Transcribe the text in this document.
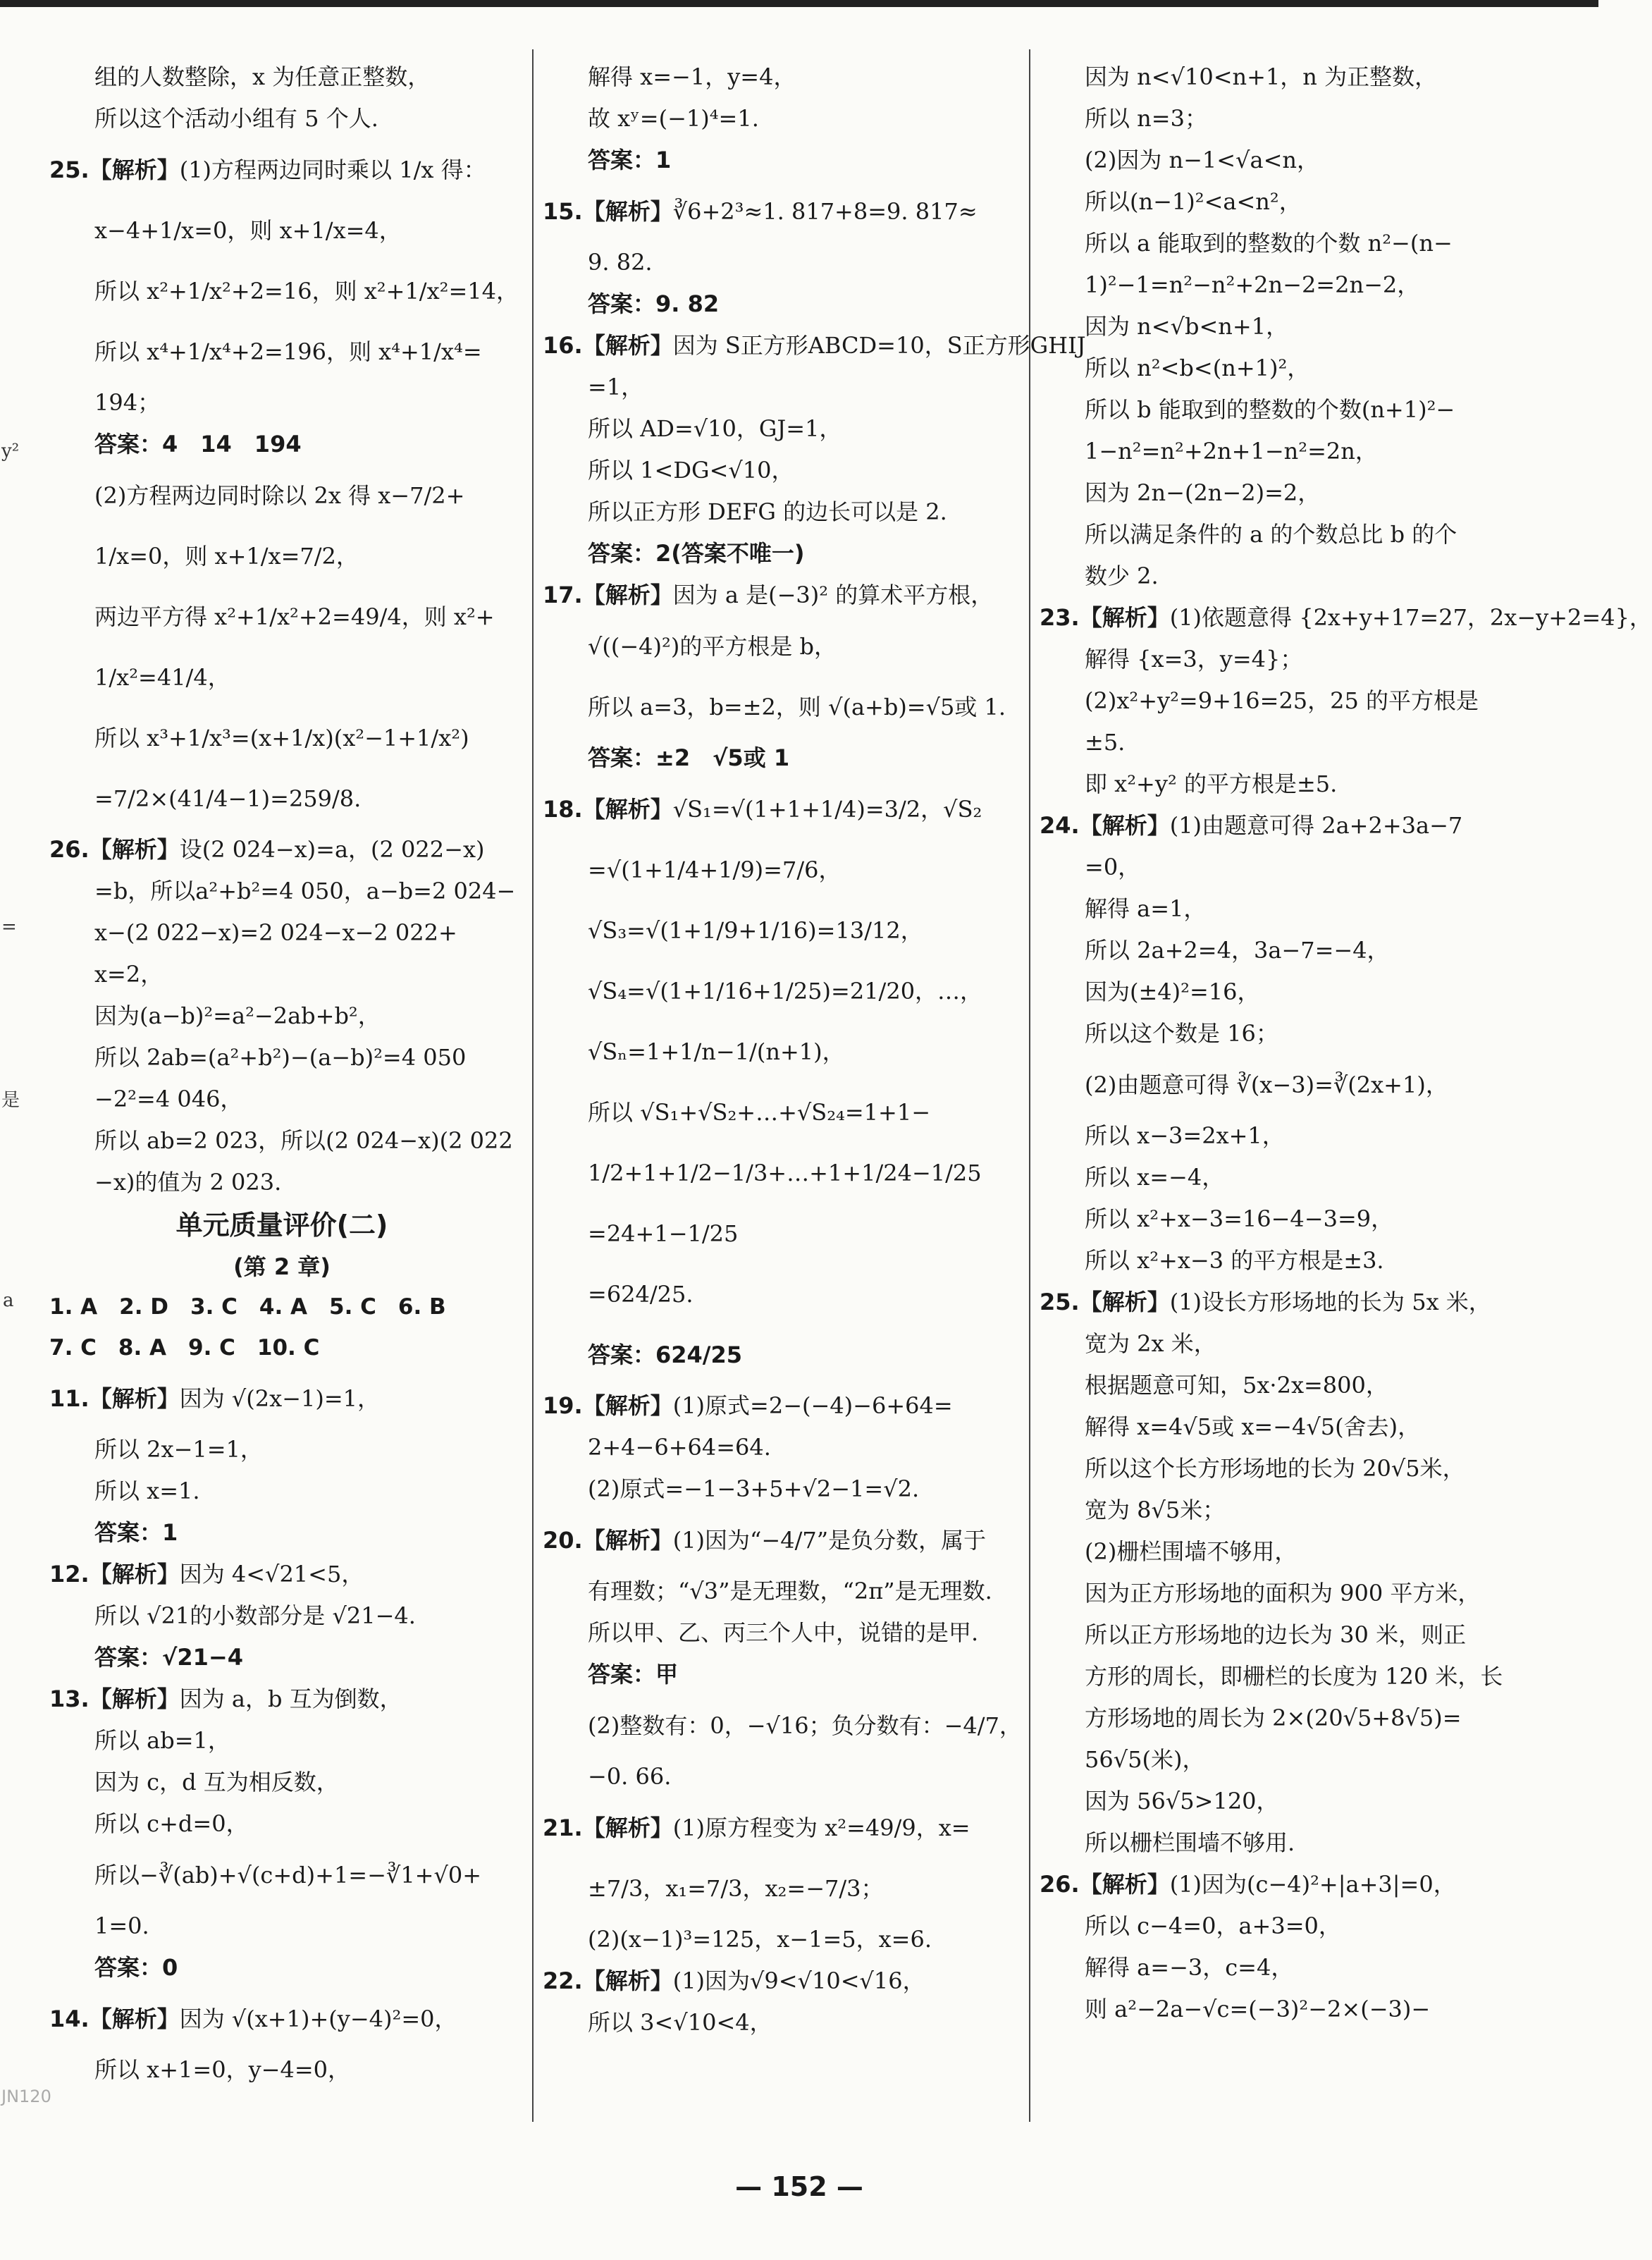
y²
=
是
a
组的人数整除，x 为任意正整数，
所以这个活动小组有 5 个人.
25.【解析】(1)方程两边同时乘以 1/x 得：
x−4+1/x=0，则 x+1/x=4，
所以 x²+1/x²+2=16，则 x²+1/x²=14，
所以 x⁴+1/x⁴+2=196，则 x⁴+1/x⁴=
194；
答案：4　14　194
(2)方程两边同时除以 2x 得 x−7/2+
1/x=0，则 x+1/x=7/2，
两边平方得 x²+1/x²+2=49/4，则 x²+
1/x²=41/4，
所以 x³+1/x³=(x+1/x)(x²−1+1/x²)
=7/2×(41/4−1)=259/8.
26.【解析】设(2 024−x)=a，(2 022−x)
=b，所以a²+b²=4 050，a−b=2 024−
x−(2 022−x)=2 024−x−2 022+
x=2，
因为(a−b)²=a²−2ab+b²，
所以 2ab=(a²+b²)−(a−b)²=4 050
−2²=4 046，
所以 ab=2 023，所以(2 024−x)(2 022
−x)的值为 2 023.
单元质量评价(二)
(第 2 章)
1. A　2. D　3. C　4. A　5. C　6. B
7. C　8. A　9. C　10. C
11.【解析】因为 √(2x−1)=1，
所以 2x−1=1，
所以 x=1.
答案：1
12.【解析】因为 4<√21<5，
所以 √21的小数部分是 √21−4.
答案：√21−4
13.【解析】因为 a，b 互为倒数，
所以 ab=1，
因为 c，d 互为相反数，
所以 c+d=0，
所以−∛(ab)+√(c+d)+1=−∛1+√0+
1=0.
答案：0
14.【解析】因为 √(x+1)+(y−4)²=0，
所以 x+1=0，y−4=0，
解得 x=−1，y=4，
故 xʸ=(−1)⁴=1.
答案：1
15.【解析】∛6+2³≈1. 817+8=9. 817≈
9. 82.
答案：9. 82
16.【解析】因为 S正方形ABCD=10，S正方形GHIJ
=1，
所以 AD=√10，GJ=1，
所以 1<DG<√10，
所以正方形 DEFG 的边长可以是 2.
答案：2(答案不唯一)
17.【解析】因为 a 是(−3)² 的算术平方根，
√((−4)²)的平方根是 b，
所以 a=3，b=±2，则 √(a+b)=√5或 1.
答案：±2　√5或 1
18.【解析】√S₁=√(1+1+1/4)=3/2，√S₂
=√(1+1/4+1/9)=7/6，
√S₃=√(1+1/9+1/16)=13/12，
√S₄=√(1+1/16+1/25)=21/20，…，
√Sₙ=1+1/n−1/(n+1)，
所以 √S₁+√S₂+…+√S₂₄=1+1−
1/2+1+1/2−1/3+…+1+1/24−1/25
=24+1−1/25
=624/25.
答案：624/25
19.【解析】(1)原式=2−(−4)−6+64=
2+4−6+64=64.
(2)原式=−1−3+5+√2−1=√2.
20.【解析】(1)因为“−4/7”是负分数，属于
有理数；“√3”是无理数，“2π”是无理数.
所以甲、乙、丙三个人中，说错的是甲.
答案：甲
(2)整数有：0，−√16；负分数有：−4/7，
−0. 66.
21.【解析】(1)原方程变为 x²=49/9，x=
±7/3，x₁=7/3，x₂=−7/3；
(2)(x−1)³=125，x−1=5，x=6.
22.【解析】(1)因为√9<√10<√16，
所以 3<√10<4，
因为 n<√10<n+1，n 为正整数，
所以 n=3；
(2)因为 n−1<√a<n，
所以(n−1)²<a<n²，
所以 a 能取到的整数的个数 n²−(n−
1)²−1=n²−n²+2n−2=2n−2，
因为 n<√b<n+1，
所以 n²<b<(n+1)²，
所以 b 能取到的整数的个数(n+1)²−
1−n²=n²+2n+1−n²=2n，
因为 2n−(2n−2)=2，
所以满足条件的 a 的个数总比 b 的个
数少 2.
23.【解析】(1)依题意得 {2x+y+17=27，2x−y+2=4}，
解得 {x=3，y=4}；
(2)x²+y²=9+16=25，25 的平方根是
±5.
即 x²+y² 的平方根是±5.
24.【解析】(1)由题意可得 2a+2+3a−7
=0，
解得 a=1，
所以 2a+2=4，3a−7=−4，
因为(±4)²=16，
所以这个数是 16；
(2)由题意可得 ∛(x−3)=∛(2x+1)，
所以 x−3=2x+1，
所以 x=−4，
所以 x²+x−3=16−4−3=9，
所以 x²+x−3 的平方根是±3.
25.【解析】(1)设长方形场地的长为 5x 米，
宽为 2x 米，
根据题意可知，5x·2x=800，
解得 x=4√5或 x=−4√5(舍去)，
所以这个长方形场地的长为 20√5米，
宽为 8√5米；
(2)栅栏围墙不够用，
因为正方形场地的面积为 900 平方米，
所以正方形场地的边长为 30 米，则正
方形的周长，即栅栏的长度为 120 米，长
方形场地的周长为 2×(20√5+8√5)=
56√5(米)，
因为 56√5>120，
所以栅栏围墙不够用.
26.【解析】(1)因为(c−4)²+|a+3|=0，
所以 c−4=0，a+3=0，
解得 a=−3，c=4，
则 a²−2a−√c=(−3)²−2×(−3)−
JN120
— 152 —
